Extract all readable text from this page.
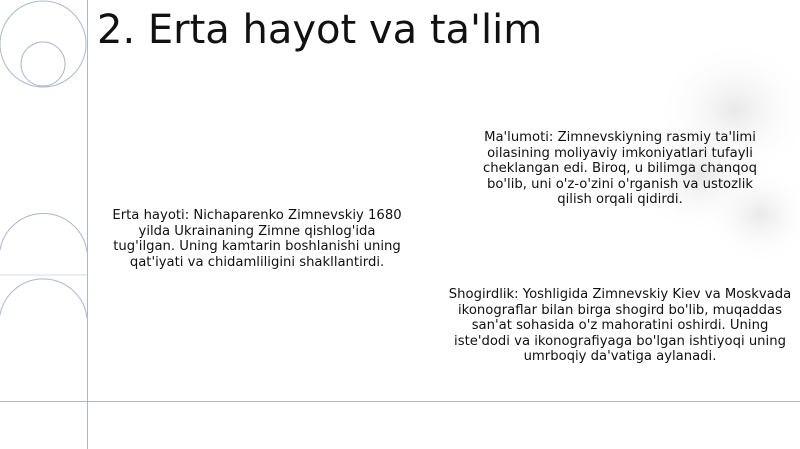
2. Erta hayot va ta'lim

Erta hayoti: Nichaparenko Zimnevskiy 1680 yilda Ukrainaning Zimne qishlog'ida tug'ilgan. Uning kamtarin boshlanishi uning qat'iyati va chidamliligini shakllantirdi.

Ma'lumoti: Zimnevskiyning rasmiy ta'limi oilasining moliyaviy imkoniyatlari tufayli cheklangan edi. Biroq, u bilimga chanqoq bo'lib, uni o'z-o'zini o'rganish va ustozlik qilish orqali qidirdi.

Shogirdlik: Yoshligida Zimnevskiy Kiev va Moskvada ikonograflar bilan birga shogird bo'lib, muqaddas san'at sohasida o'z mahoratini oshirdi. Uning iste'dodi va ikonografiyaga bo'lgan ishtiyoqi uning umrboqiy da'vatiga aylanadi.
